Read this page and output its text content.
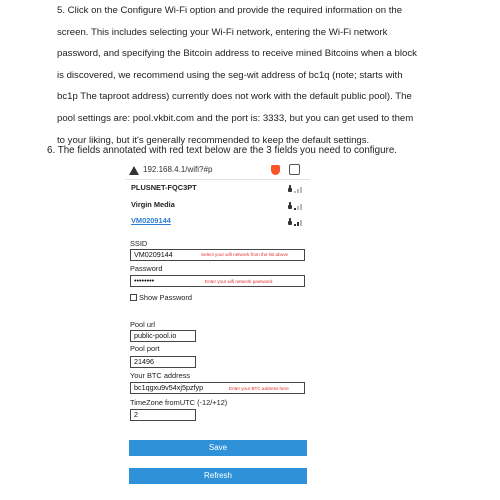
5. Click on the Configure Wi-Fi option and provide the required information on the
screen. This includes selecting your Wi-Fi network, entering the Wi-Fi network
password, and specifying the Bitcoin address to receive mined Bitcoins when a block
is discovered, we recommend using the seg-wit address of bc1q (note; starts with
bc1p The taproot address) currently does not work with the default public pool). The
pool settings are: pool.vkbit.com and the port is: 3333, but you can get used to them
to your liking, but it's generally recommended to keep the default settings.
6. The fields annotated with red text below are the 3 fields you need to configure.
192.168.4.1/wifi?#p
PLUSNET-FQC3PT
Virgin Media
VM0209144
SSID
VM0209144	Select your wifi network from the list above
Password
••••••••	Enter your wifi network password
Show Password
Pool url
public-pool.io
Pool port
21496
Your BTC address
bc1qgxu9v54xj5pzfyp	Enter your BTC address here
TimeZone fromUTC (-12/+12)
2
Save
Refresh
